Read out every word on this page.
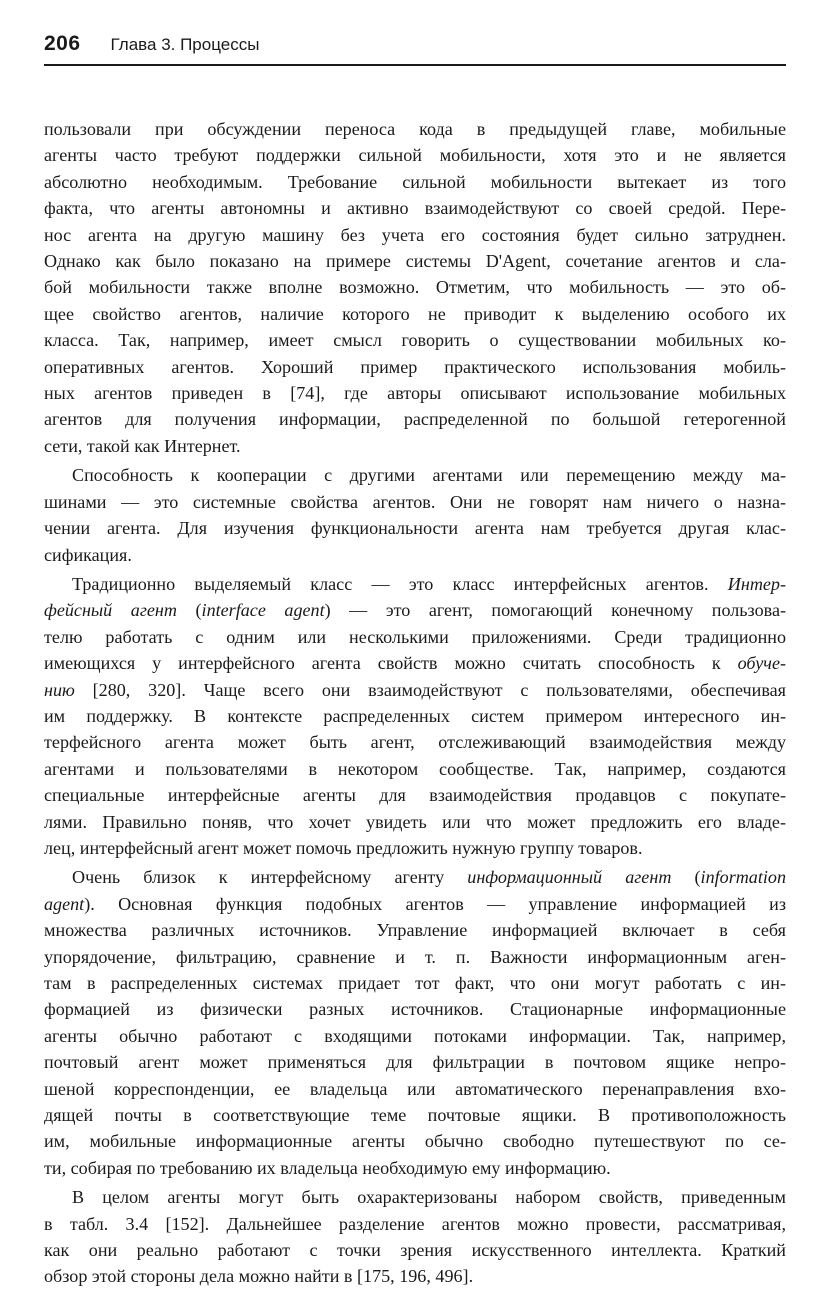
206 Глава 3. Процессы
пользовали при обсуждении переноса кода в предыдущей главе, мобильные
агенты часто требуют поддержки сильной мобильности, хотя это и не является
абсолютно необходимым. Требование сильной мобильности вытекает из того
факта, что агенты автономны и активно взаимодействуют со своей средой. Пере-
нос агента на другую машину без учета его состояния будет сильно затруднен.
Однако как было показано на примере системы D'Agent, сочетание агентов и сла-
бой мобильности также вполне возможно. Отметим, что мобильность — это об-
щее свойство агентов, наличие которого не приводит к выделению особого их
класса. Так, например, имеет смысл говорить о существовании мобильных ко-
оперативных агентов. Хороший пример практического использования мобиль-
ных агентов приведен в [74], где авторы описывают использование мобильных
агентов для получения информации, распределенной по большой гетерогенной
сети, такой как Интернет.
Способность к кооперации с другими агентами или перемещению между ма-
шинами — это системные свойства агентов. Они не говорят нам ничего о назна-
чении агента. Для изучения функциональности агента нам требуется другая клас-
сификация.
Традиционно выделяемый класс — это класс интерфейсных агентов. Интер-
фейсный агент (interface agent) — это агент, помогающий конечному пользова-
телю работать с одним или несколькими приложениями. Среди традиционно
имеющихся у интерфейсного агента свойств можно считать способность к обуче-
нию [280, 320]. Чаще всего они взаимодействуют с пользователями, обеспечивая
им поддержку. В контексте распределенных систем примером интересного ин-
терфейсного агента может быть агент, отслеживающий взаимодействия между
агентами и пользователями в некотором сообществе. Так, например, создаются
специальные интерфейсные агенты для взаимодействия продавцов с покупате-
лями. Правильно поняв, что хочет увидеть или что может предложить его владе-
лец, интерфейсный агент может помочь предложить нужную группу товаров.
Очень близок к интерфейсному агенту информационный агент (information
agent). Основная функция подобных агентов — управление информацией из
множества различных источников. Управление информацией включает в себя
упорядочение, фильтрацию, сравнение и т. п. Важности информационным аген-
там в распределенных системах придает тот факт, что они могут работать с ин-
формацией из физически разных источников. Стационарные информационные
агенты обычно работают с входящими потоками информации. Так, например,
почтовый агент может применяться для фильтрации в почтовом ящике непро-
шеной корреспонденции, ее владельца или автоматического перенаправления вхо-
дящей почты в соответствующие теме почтовые ящики. В противоположность
им, мобильные информационные агенты обычно свободно путешествуют по се-
ти, собирая по требованию их владельца необходимую ему информацию.
В целом агенты могут быть охарактеризованы набором свойств, приведенным
в табл. 3.4 [152]. Дальнейшее разделение агентов можно провести, рассматривая,
как они реально работают с точки зрения искусственного интеллекта. Краткий
обзор этой стороны дела можно найти в [175, 196, 496].
